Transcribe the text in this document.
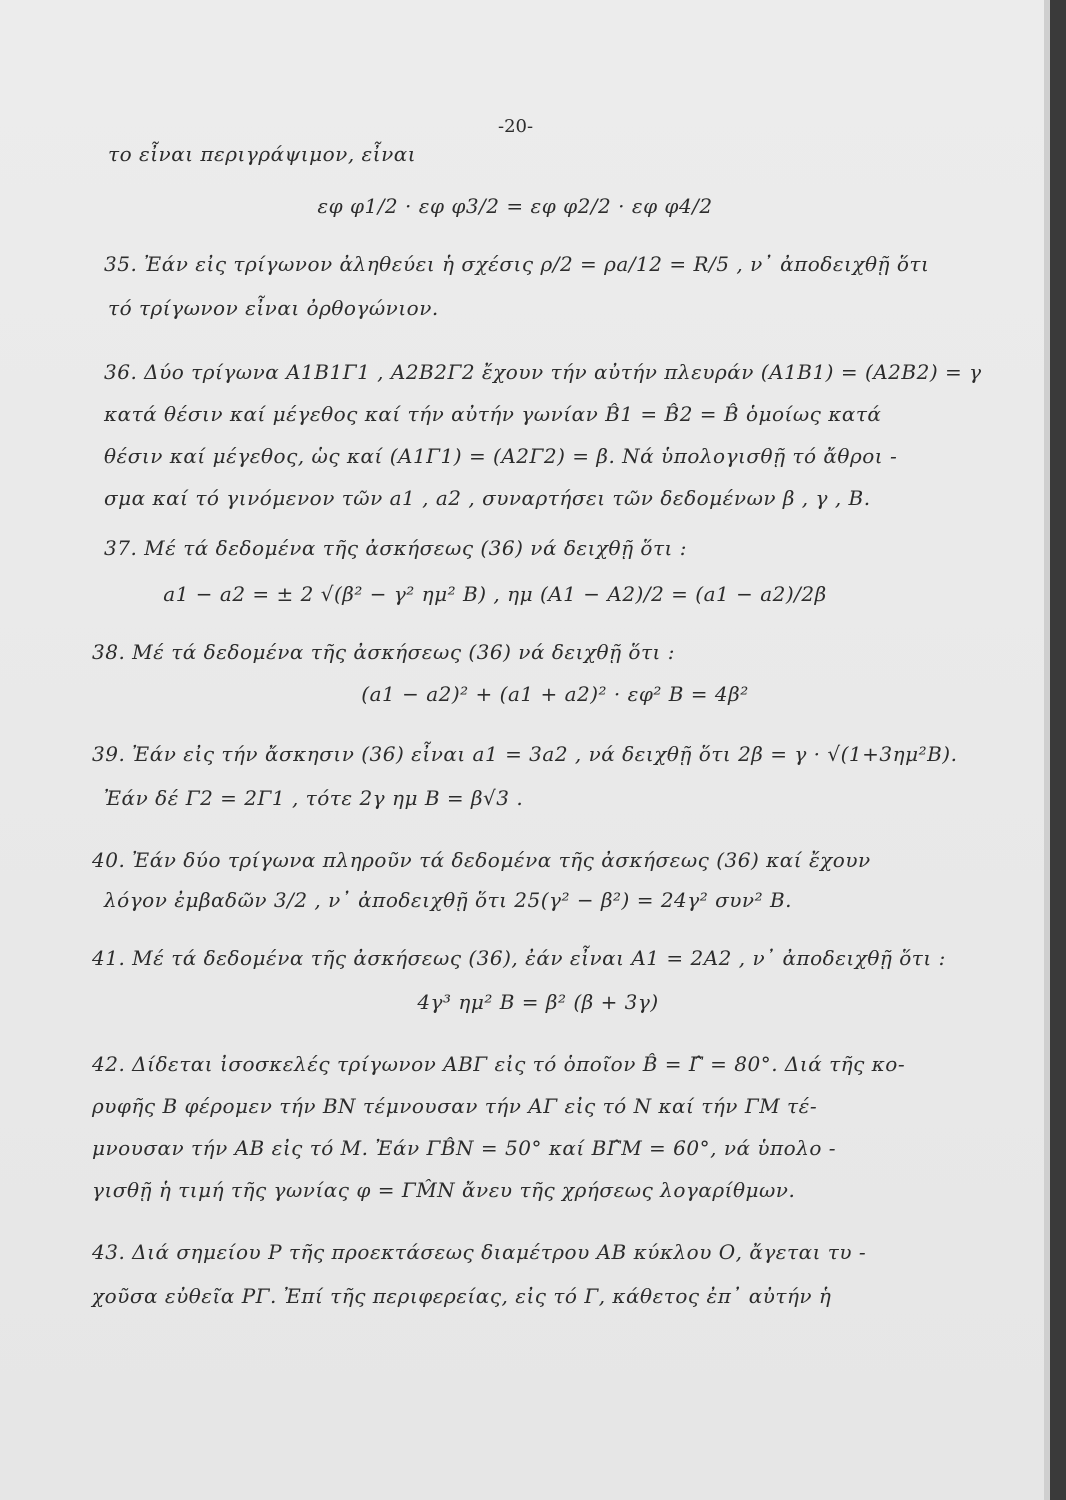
-20-
το εἶναι περιγράψιμον, εἶναι
εφ φ1/2 · εφ φ3/2 = εφ φ2/2 · εφ φ4/2
35. Ἐάν εἰς τρίγωνον ἀληθεύει ἡ σχέσις ρ/2 = ρa/12 = R/5 , ν᾽ ἀποδειχθῇ ὅτι
τό τρίγωνον εἶναι ὀρθογώνιον.
36. Δύο τρίγωνα A1B1Γ1 , A2B2Γ2 ἔχουν τήν αὐτήν πλευράν (A1B1) = (A2B2) = γ
κατά θέσιν καί μέγεθος καί τήν αὐτήν γωνίαν B̂1 = B̂2 = B̂ ὁμοίως κατά
θέσιν καί μέγεθος, ὡς καί (A1Γ1) = (A2Γ2) = β. Νά ὑπολογισθῇ τό ἄθροι -
σμα καί τό γινόμενον τῶν a1 , a2 , συναρτήσει τῶν δεδομένων β , γ , B.
37. Μέ τά δεδομένα τῆς ἀσκήσεως (36) νά δειχθῇ ὅτι :
a1 − a2 = ± 2 √(β² − γ² ημ² B) , ημ (A1 − A2)/2 = (a1 − a2)/2β
38. Μέ τά δεδομένα τῆς ἀσκήσεως (36) νά δειχθῇ ὅτι :
(a1 − a2)² + (a1 + a2)² · εφ² B = 4β²
39. Ἐάν εἰς τήν ἄσκησιν (36) εἶναι a1 = 3a2 , νά δειχθῇ ὅτι 2β = γ · √(1+3ημ²B).
Ἐάν δέ Γ2 = 2Γ1 , τότε 2γ ημ B = β√3 .
40. Ἐάν δύο τρίγωνα πληροῦν τά δεδομένα τῆς ἀσκήσεως (36) καί ἔχουν
λόγον ἐμβαδῶν 3/2 , ν᾽ ἀποδειχθῇ ὅτι 25(γ² − β²) = 24γ² συν² B.
41. Μέ τά δεδομένα τῆς ἀσκήσεως (36), ἐάν εἶναι A1 = 2A2 , ν᾽ ἀποδειχθῇ ὅτι :
4γ³ ημ² B = β² (β + 3γ)
42. Δίδεται ἰσοσκελές τρίγωνον ΑΒΓ εἰς τό ὁποῖον B̂ = Γ̂ = 80°. Διά τῆς κο-
ρυφῆς Β φέρομεν τήν ΒΝ τέμνουσαν τήν ΑΓ εἰς τό Ν καί τήν ΓΜ τέ-
μνουσαν τήν ΑΒ εἰς τό Μ. Ἐάν ΓB̂N = 50° καί BΓ̂M = 60°, νά ὑπολο -
γισθῇ ἡ τιμή τῆς γωνίας φ = ΓM̂N ἄνευ τῆς χρήσεως λογαρίθμων.
43. Διά σημείου Ρ τῆς προεκτάσεως διαμέτρου ΑΒ κύκλου Ο, ἄγεται τυ -
χοῦσα εὐθεῖα ΡΓ. Ἐπί τῆς περιφερείας, εἰς τό Γ, κάθετος ἐπ᾽ αὐτήν ἡ
